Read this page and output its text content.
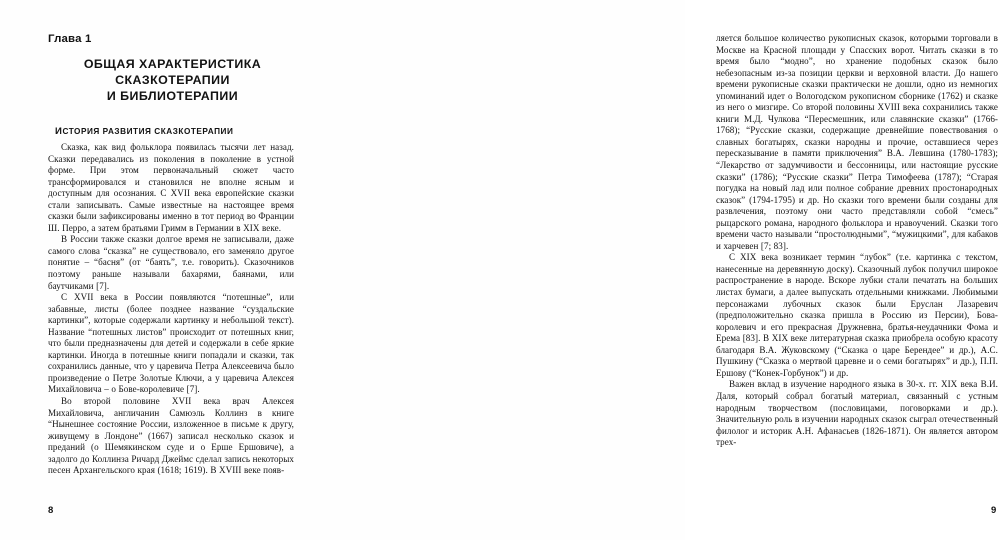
Глава 1
ОБЩАЯ ХАРАКТЕРИСТИКА СКАЗКОТЕРАПИИ
И БИБЛИОТЕРАПИИ
ИСТОРИЯ РАЗВИТИЯ СКАЗКОТЕРАПИИ

Сказка, как вид фольклора появилась тысячи лет назад. Сказки передавались из поколения в поколение в устной форме. При этом первоначальный сюжет часто трансформировался и становился не вполне ясным и доступным для осознания. С XVII века европейские сказки стали записывать. Самые известные на настоящее время сказки были зафиксированы именно в тот период во Франции Ш. Перро, а затем братьями Гримм в Германии в XIX веке.

В России также сказки долгое время не записывали, даже самого слова “сказка” не существовало, его заменяло другое понятие – “басня” (от “баять”, т.е. говорить). Сказочников поэтому раньше называли бахарями, баянами, или баутчиками [7].

С XVII века в России появляются “потешные”, или забавные, листы (более позднее название “суздальские картинки”, которые содержали картинку и небольшой текст). Название “потешных листов” происходит от потешных книг, что были предназначены для детей и содержали в себе яркие картинки. Иногда в потешные книги попадали и сказки, так сохранились данные, что у царевича Петра Алексеевича было произведение о Петре Золотые Ключи, а у царевича Алексея Михайловича – о Бове-королевиче [7].

Во второй половине XVII века врач Алексея Михайловича, англичанин Самюэль Коллинз в книге “Нынешнее состояние России, изложенное в письме к другу, живущему в Лондоне” (1667) записал несколько сказок и преданий (о Шемякинском суде и о Ерше Ершовиче), а задолго до Коллинза Ричард Джеймс сделал запись некоторых песен Архангельского края (1618; 1619). В XVIII веке появ-

8

ляется большое количество рукописных сказок, которыми торговали в Москве на Красной площади у Спасских ворот. Читать сказки в то время было “модно”, но хранение подобных сказок было небезопасным из-за позиции церкви и верховной власти. До нашего времени рукописные сказки практически не дошли, одно из немногих упоминаний идет о Вологодском рукописном сборнике (1762) и сказке из него о мизгире. Со второй половины XVIII века сохранились также книги М.Д. Чулкова “Пересмешник, или славянские сказки” (1766-1768); “Русские сказки, содержащие древнейшие повествования о славных богатырях, сказки народны и прочие, оставшиеся через пересказывание в памяти приключения” В.А. Левшина (1780-1783); “Лекарство от задумчивости и бессонницы, или настоящие русские сказки” (1786); “Русские сказки” Петра Тимофеева (1787); “Старая погудка на новый лад или полное собрание древних простонародных сказок” (1794-1795) и др. Но сказки того времени были созданы для развлечения, поэтому они часто представляли собой “смесь” рыцарского романа, народного фольклора и нравоучений. Сказки того времени часто называли “простолюдными”, “мужицкими”, для кабаков и харчевен [7; 83].

С XIX века возникает термин “лубок” (т.е. картинка с текстом, нанесенные на деревянную доску). Сказочный лубок получил широкое распространение в народе. Вскоре лубки стали печатать на больших листах бумаги, а далее выпускать отдельными книжками. Любимыми персонажами лубочных сказок были Еруслан Лазаревич (предположительно сказка пришла в Россию из Персии), Бова-королевич и его прекрасная Дружневна, братья-неудачники Фома и Ерема [83]. В XIX веке литературная сказка приобрела особую красоту благодаря В.А. Жуковскому (“Сказка о царе Берендее” и др.), А.С. Пушкину (“Сказка о мертвой царевне и о семи богатырях” и др.), П.П. Ершову (“Конек-Горбунок”) и др.

Важен вклад в изучение народного языка в 30-х. гг. XIX века В.И. Даля, который собрал богатый материал, связанный с устным народным творчеством (пословицами, поговорками и др.). Значительную роль в изучении народных сказок сыграл отечественный филолог и историк А.Н. Афанасьев (1826-1871). Он является автором трех-

9
